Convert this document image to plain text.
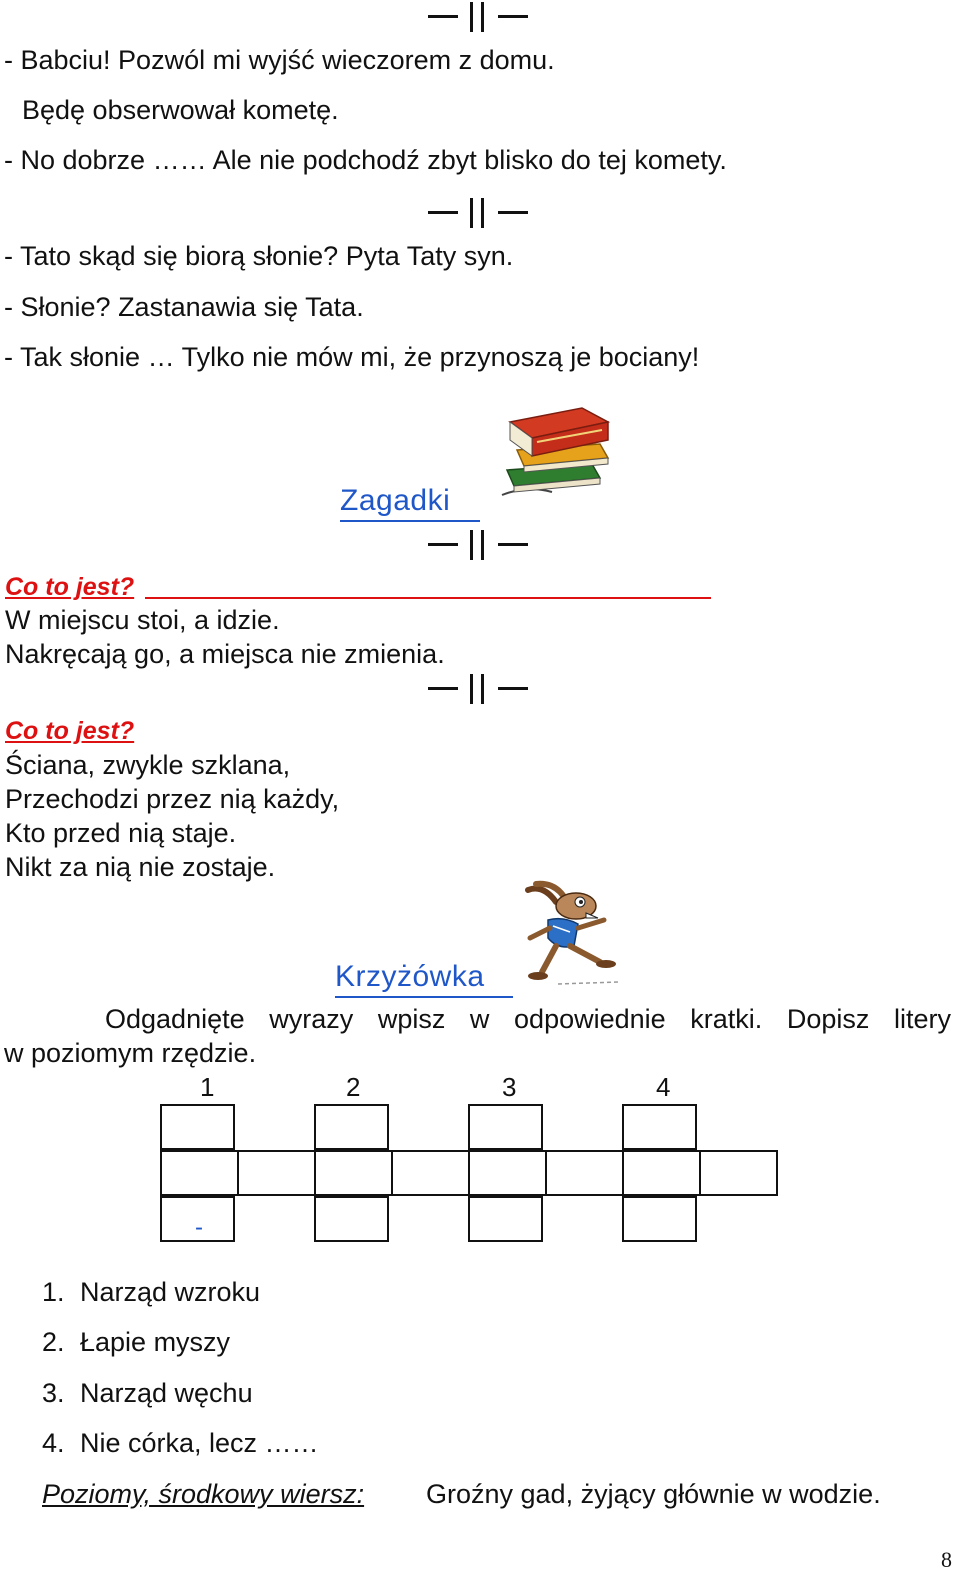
- Babciu! Pozwól mi wyjść wieczorem z domu.
Będę obserwował kometę.
- No dobrze …… Ale nie podchodź zbyt blisko do tej komety.
- Tato skąd się biorą słonie? Pyta Taty syn.
- Słonie? Zastanawia się Tata.
- Tak słonie … Tylko nie mów mi, że przynoszą je bociany!
Zagadki
Co to jest?
W miejscu stoi, a idzie.
Nakręcają go, a miejsca nie zmienia.
Co to jest?
Ściana, zwykle szklana,
Przechodzi przez nią każdy,
Kto przed nią staje.
Nikt za nią nie zostaje.
Krzyżówka
Odgadnięte wyrazy wpisz w odpowiednie kratki. Dopisz litery
w poziomym rzędzie.
1	2	3	4
-
1. Narząd wzroku
2. Łapie myszy
3. Narząd węchu
4. Nie córka, lecz ……
Poziomy, środkowy wiersz: Groźny gad, żyjący głównie w wodzie.
8
